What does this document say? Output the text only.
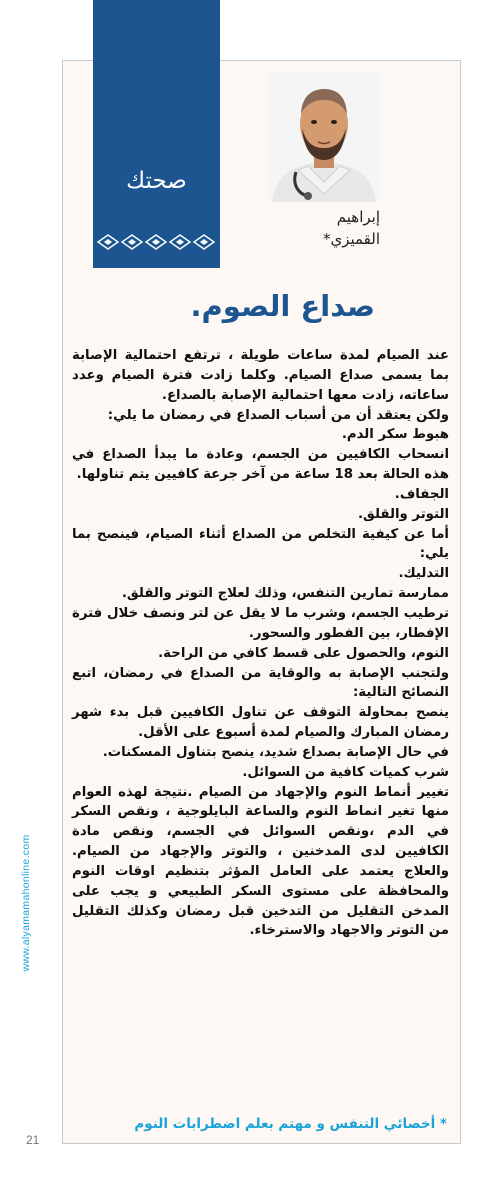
صحتك
إبراهيم
القميزي*
صداع الصوم.

عند الصيام لمدة ساعات طويلة ، ترتفع احتمالية الإصابة بما يسمى صداع الصيام. وكلما زادت فترة الصيام وعدد ساعاته، زادت معها احتمالية الإصابة بالصداع.

ولكن يعتقد أن من أسباب الصداع في رمضان ما يلي:

هبوط سكر الدم.

انسحاب الكافيين من الجسم، وعادة ما يبدأ الصداع في هذه الحالة بعد 18 ساعة من آخر جرعة كافيين يتم تناولها.

الجفاف.

التوتر والقلق.

أما عن كيفية التخلص من الصداع أثناء الصيام، فينصح بما يلي:

التدليك.

ممارسة تمارين التنفس، وذلك لعلاج التوتر والقلق.

ترطيب الجسم، وشرب ما لا يقل عن لتر ونصف خلال فترة الإفطار، بين الفطور والسحور.

النوم، والحصول على قسط كافي من الراحة.

ولتجنب الإصابة به والوقاية من الصداع في رمضان، اتبع النصائح التالية:

ينصح بمحاولة التوقف عن تناول الكافيين قبل بدء شهر رمضان المبارك والصيام لمدة أسبوع على الأقل.

في حال الإصابة بصداع شديد، ينصح بتناول المسكنات.

شرب كميات كافية من السوائل.

تغيير أنماط النوم والإجهاد من الصيام .نتيجة لهذه العوام منها تغير انماط النوم والساعة البايلوجية ، ونقص السكر في الدم ،ونقص السوائل في الجسم، ونقص مادة الكافيين لدى المدخنين ، والتوتر والإجهاد من الصيام. والعلاج يعتمد على العامل المؤثر بتنظيم اوقات النوم والمحافظة على مستوى السكر الطبيعي و يجب على المدخن التقليل من التدخين قبل رمضان وكذلك التقليل من التوتر والاجهاد والاسترخاء.

* أخصائي التنفس و مهتم بعلم اضطرابات النوم
www.alyamamahonline.com
21
